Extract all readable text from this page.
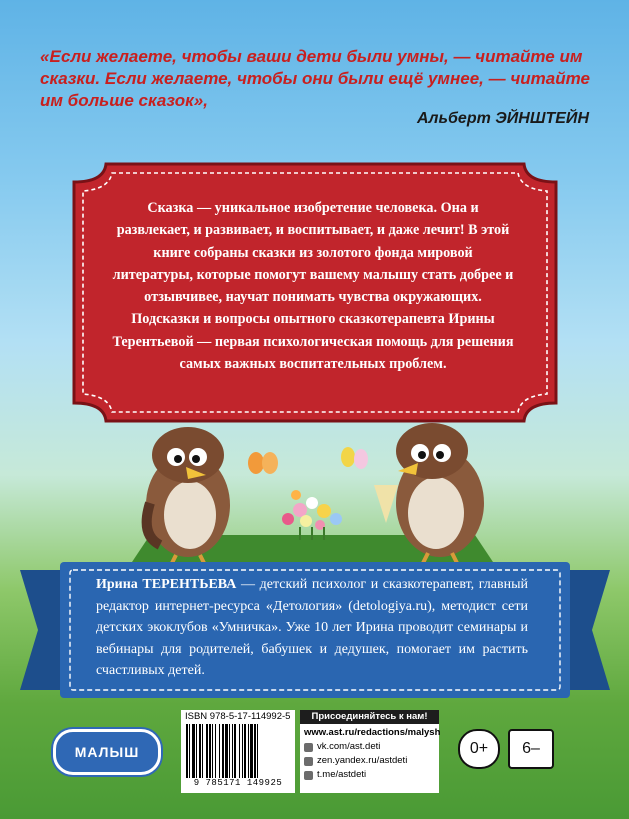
«Если желаете, чтобы ваши дети были умны, — читайте им сказки. Если желаете, чтобы они были ещё умнее, — читайте им больше сказок»,

Альберт ЭЙНШТЕЙН

Сказка — уникальное изобретение человека. Она и развлекает, и развивает, и воспитывает, и даже лечит! В этой книге собраны сказки из золотого фонда мировой литературы, которые помогут вашему малышу стать добрее и отзывчивее, научат понимать чувства окружающих. Подсказки и вопросы опытного сказкотерапевта Ирины Терентьевой — первая психологическая помощь для решения самых важных воспитательных проблем.

Ирина ТЕРЕНТЬЕВА — детский психолог и сказкотерапевт, главный редактор интернет-ресурса «Детология» (detologiya.ru), методист сети детских экоклубов «Умничка». Уже 10 лет Ирина проводит семинары и вебинары для родителей, бабушек и дедушек, помогает им растить счастливых детей.

МАЛЫШ
ISBN 978-5-17-114992-5
9 785171 149925
Присоединяйтесь к нам!
www.ast.ru/redactions/malysh
vk.com/ast.deti
zen.yandex.ru/astdeti
t.me/astdeti
0+	6–
